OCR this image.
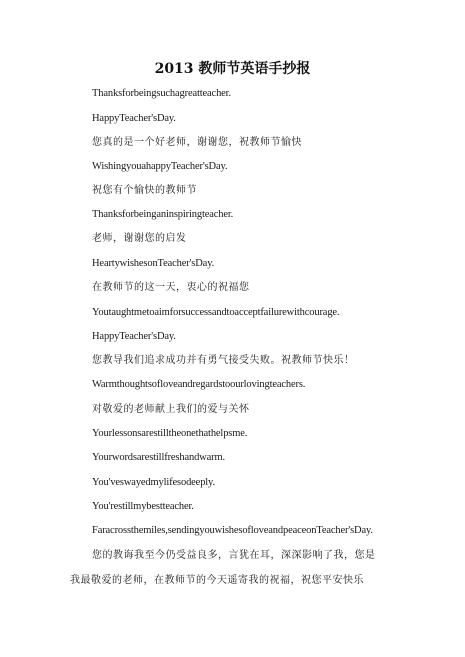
2013 教师节英语手抄报
Thanksforbeingsuchagreatteacher.
HappyTeacher'sDay.
您真的是一个好老师，谢谢您，祝教师节愉快
WishingyouahappyTeacher'sDay.
祝您有个愉快的教师节
Thanksforbeinganinspiringteacher.
老师，谢谢您的启发
HeartywishesonTeacher'sDay.
在教师节的这一天，衷心的祝福您
Youtaughtmetoaimforsuccessandtoacceptfailurewithcourage.
HappyTeacher'sDay.
您教导我们追求成功并有勇气接受失败。祝教师节快乐！
Warmthoughtsofloveandregardstoourlovingteachers.
对敬爱的老师献上我们的爱与关怀
Yourlessonsarestilltheonethathelpsme.
Yourwordsarestillfreshandwarm.
You'veswayedmylifesodeeply.
You'restillmybestteacher.
Faracrossthemiles,sendingyouwishesofloveandpeaceonTeacher'sDay.
您的教诲我至今仍受益良多，言犹在耳，深深影响了我，您是
我最敬爱的老师，在教师节的今天遥寄我的祝福，祝您平安快乐
